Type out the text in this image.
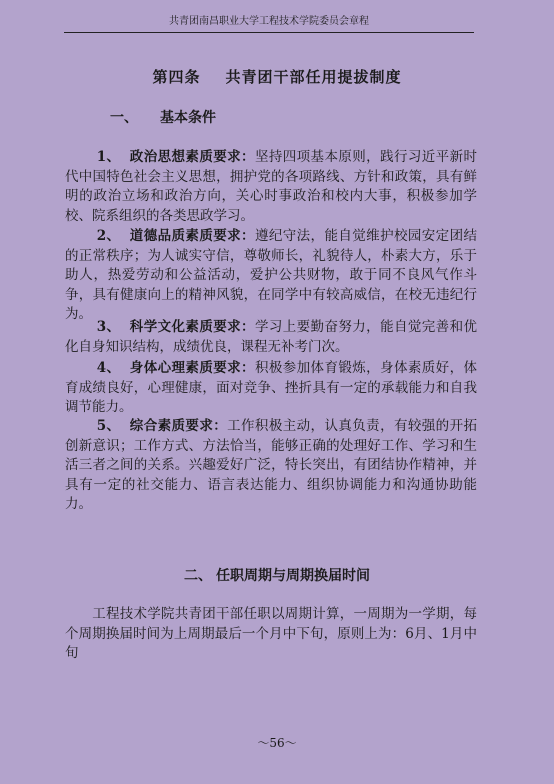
共青团南昌职业大学工程技术学院委员会章程
第四条 共青团干部任用提拔制度
一、 基本条件
   1、 政治思想素质要求：坚持四项基本原则，践行习近平新时代中国特色社会主义思想，拥护党的各项路线、方针和政策，具有鲜明的政治立场和政治方向，关心时事政治和校内大事，积极参加学校、院系组织的各类思政学习。
   2、 道德品质素质要求：遵纪守法，能自觉维护校园安定团结的正常秩序；为人诚实守信，尊敬师长，礼貌待人，朴素大方，乐于助人，热爱劳动和公益活动，爱护公共财物，敢于同不良风气作斗争，具有健康向上的精神风貌，在同学中有较高威信，在校无违纪行为。
   3、 科学文化素质要求：学习上要勤奋努力，能自觉完善和优化自身知识结构，成绩优良，课程无补考门次。
   4、 身体心理素质要求：积极参加体育锻炼，身体素质好，体育成绩良好，心理健康，面对竞争、挫折具有一定的承载能力和自我调节能力。
   5、 综合素质要求：工作积极主动，认真负责，有较强的开拓创新意识；工作方式、方法恰当，能够正确的处理好工作、学习和生活三者之间的关系。兴趣爱好广泛，特长突出，有团结协作精神，并具有一定的社交能力、语言表达能力、组织协调能力和沟通协助能力。
二、 任职周期与周期换届时间
  工程技术学院共青团干部任职以周期计算，一周期为一学期，每个周期换届时间为上周期最后一个月中下旬，原则上为：6月、1月中旬
～56～
